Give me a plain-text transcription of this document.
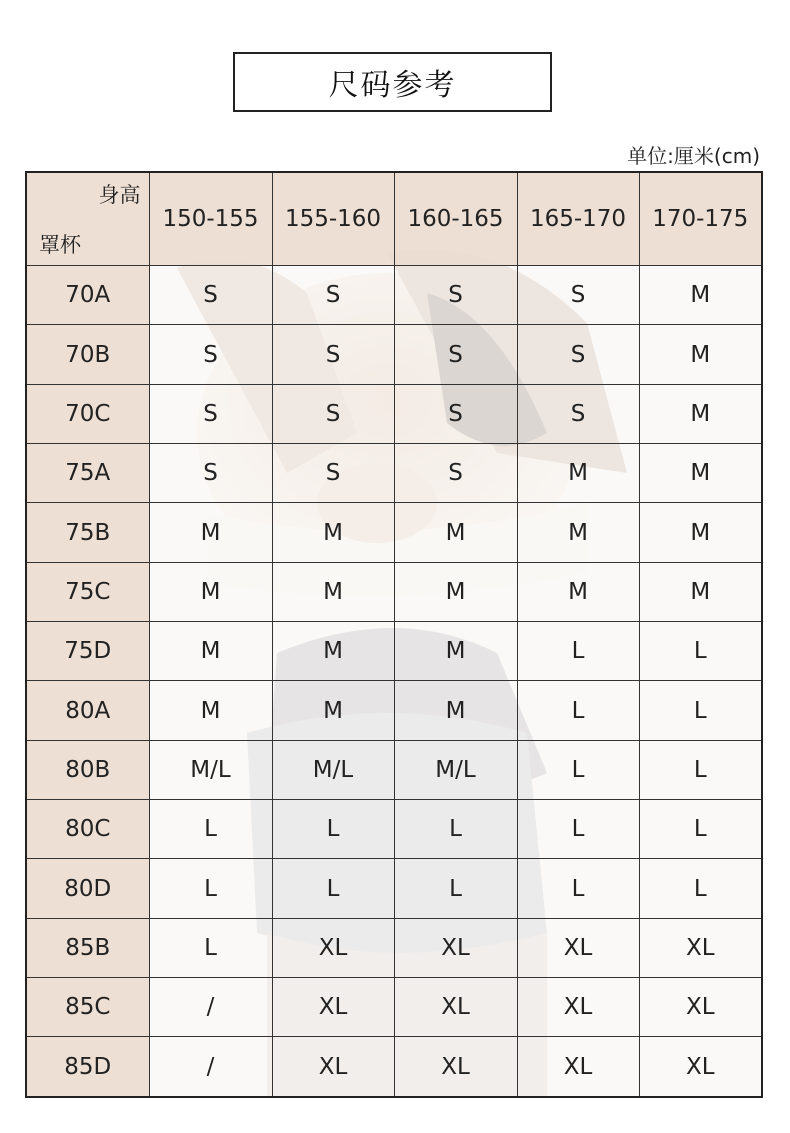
尺码参考
单位:厘米(cm)
身高
罩杯	150-155	155-160	160-165	165-170	170-175
70A	S	S	S	S	M
70B	S	S	S	S	M
70C	S	S	S	S	M
75A	S	S	S	M	M
75B	M	M	M	M	M
75C	M	M	M	M	M
75D	M	M	M	L	L
80A	M	M	M	L	L
80B	M/L	M/L	M/L	L	L
80C	L	L	L	L	L
80D	L	L	L	L	L
85B	L	XL	XL	XL	XL
85C	/	XL	XL	XL	XL
85D	/	XL	XL	XL	XL
